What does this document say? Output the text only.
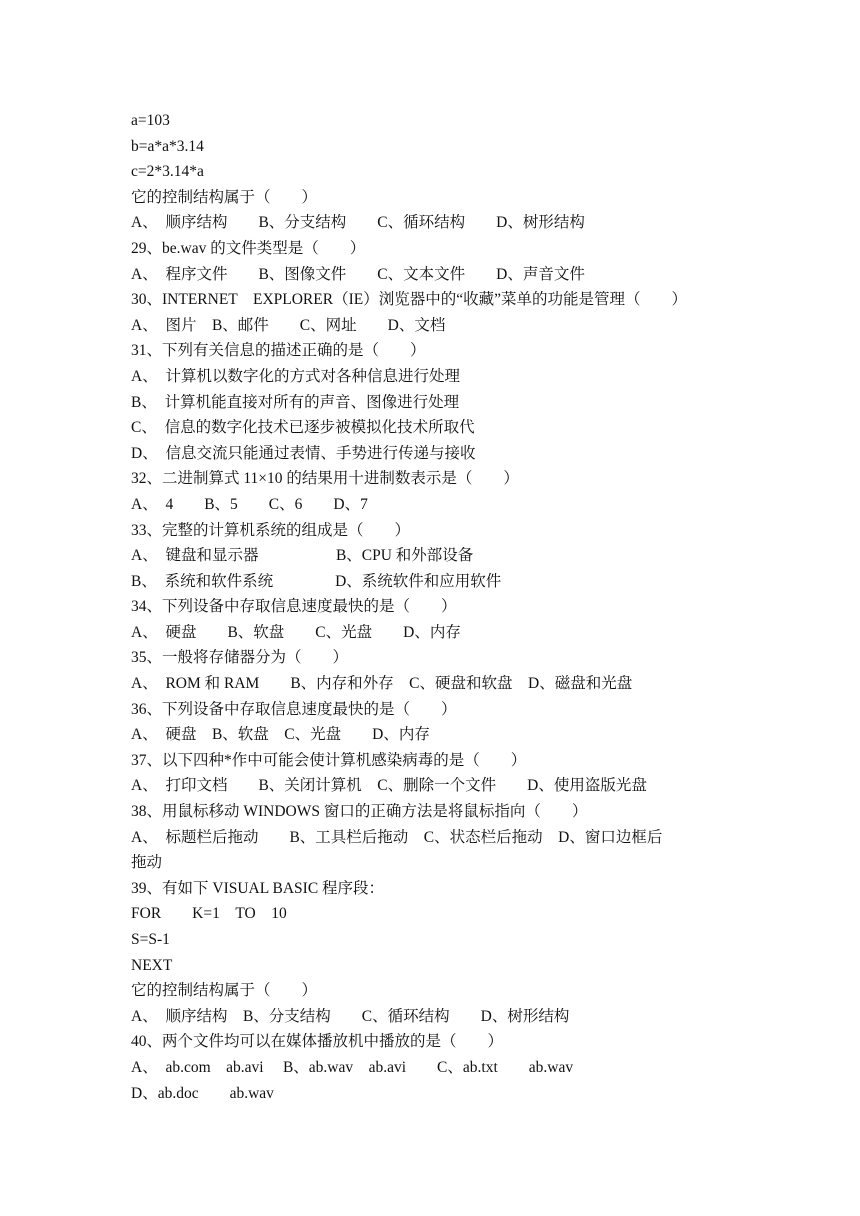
a=103
b=a*a*3.14
c=2*3.14*a
它的控制结构属于（　　）
A、　顺序结构　　B、分支结构　　C、循环结构　　D、树形结构
29、be.wav 的文件类型是（　　）
A、　程序文件　　B、图像文件　　C、文本文件　　D、声音文件
30、INTERNET　EXPLORER（IE）浏览器中的“收藏”菜单的功能是管理（　　）
A、　图片　B、邮件　　C、网址　　D、文档
31、下列有关信息的描述正确的是（　　）
A、　计算机以数字化的方式对各种信息进行处理
B、　计算机能直接对所有的声音、图像进行处理
C、　信息的数字化技术已逐步被模拟化技术所取代
D、　信息交流只能通过表情、手势进行传递与接收
32、二进制算式 11×10 的结果用十进制数表示是（　　）
A、　4　　B、5　　C、6　　D、7
33、完整的计算机系统的组成是（　　）
A、　键盘和显示器　　　　　B、CPU 和外部设备
B、　系统和软件系统　　　　D、系统软件和应用软件
34、下列设备中存取信息速度最快的是（　　）
A、　硬盘　　B、软盘　　C、光盘　　D、内存
35、一般将存储器分为（　　）
A、　ROM 和 RAM　　B、内存和外存　C、硬盘和软盘　D、磁盘和光盘
36、下列设备中存取信息速度最快的是（　　）
A、　硬盘　B、软盘　C、光盘　　D、内存
37、以下四种*作中可能会使计算机感染病毒的是（　　）
A、　打印文档　　B、关闭计算机　C、删除一个文件　　D、使用盗版光盘
38、用鼠标移动 WINDOWS 窗口的正确方法是将鼠标指向（　　）
A、　标题栏后拖动　　B、工具栏后拖动　C、状态栏后拖动　D、窗口边框后
拖动
39、有如下 VISUAL BASIC 程序段：
FOR　　K=1　TO　10
S=S-1
NEXT
它的控制结构属于（　　）
A、　顺序结构　B、分支结构　　C、循环结构　　D、树形结构
40、两个文件均可以在媒体播放机中播放的是（　　）
A、　ab.com　ab.avi　 B、ab.wav　ab.avi　　C、ab.txt　　ab.wav
D、ab.doc　　ab.wav
